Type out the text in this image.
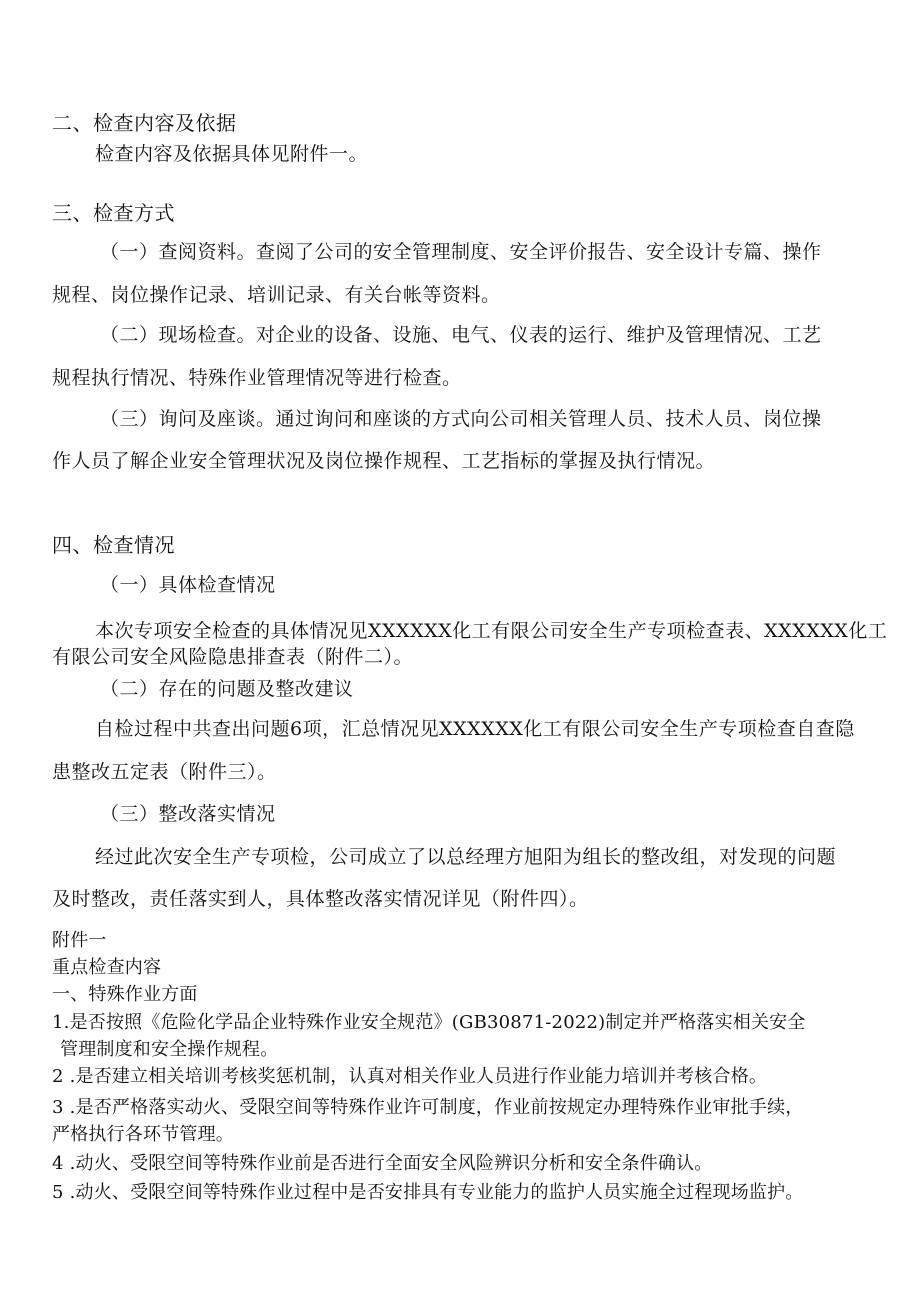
二、检查内容及依据
检查内容及依据具体见附件一。
三、检查方式
（一）查阅资料。查阅了公司的安全管理制度、安全评价报告、安全设计专篇、操作
规程、岗位操作记录、培训记录、有关台帐等资料。
（二）现场检查。对企业的设备、设施、电气、仪表的运行、维护及管理情况、工艺
规程执行情况、特殊作业管理情况等进行检查。
（三）询问及座谈。通过询问和座谈的方式向公司相关管理人员、技术人员、岗位操
作人员了解企业安全管理状况及岗位操作规程、工艺指标的掌握及执行情况。
四、检查情况
（一）具体检查情况
本次专项安全检查的具体情况见XXXXXX化工有限公司安全生产专项检查表、XXXXXX化工
有限公司安全风险隐患排查表（附件二）。
（二）存在的问题及整改建议
自检过程中共查出问题6项，汇总情况见XXXXXX化工有限公司安全生产专项检查自查隐
患整改五定表（附件三）。
（三）整改落实情况
经过此次安全生产专项检，公司成立了以总经理方旭阳为组长的整改组，对发现的问题
及时整改，责任落实到人，具体整改落实情况详见（附件四）。
附件一
重点检查内容
一、特殊作业方面
1.是否按照《危险化学品企业特殊作业安全规范》(GB30871-2022)制定并严格落实相关安全
管理制度和安全操作规程。
2 .是否建立相关培训考核奖惩机制，认真对相关作业人员进行作业能力培训并考核合格。
3 .是否严格落实动火、受限空间等特殊作业许可制度，作业前按规定办理特殊作业审批手续，
严格执行各环节管理。
4 .动火、受限空间等特殊作业前是否进行全面安全风险辨识分析和安全条件确认。
5 .动火、受限空间等特殊作业过程中是否安排具有专业能力的监护人员实施全过程现场监护。
